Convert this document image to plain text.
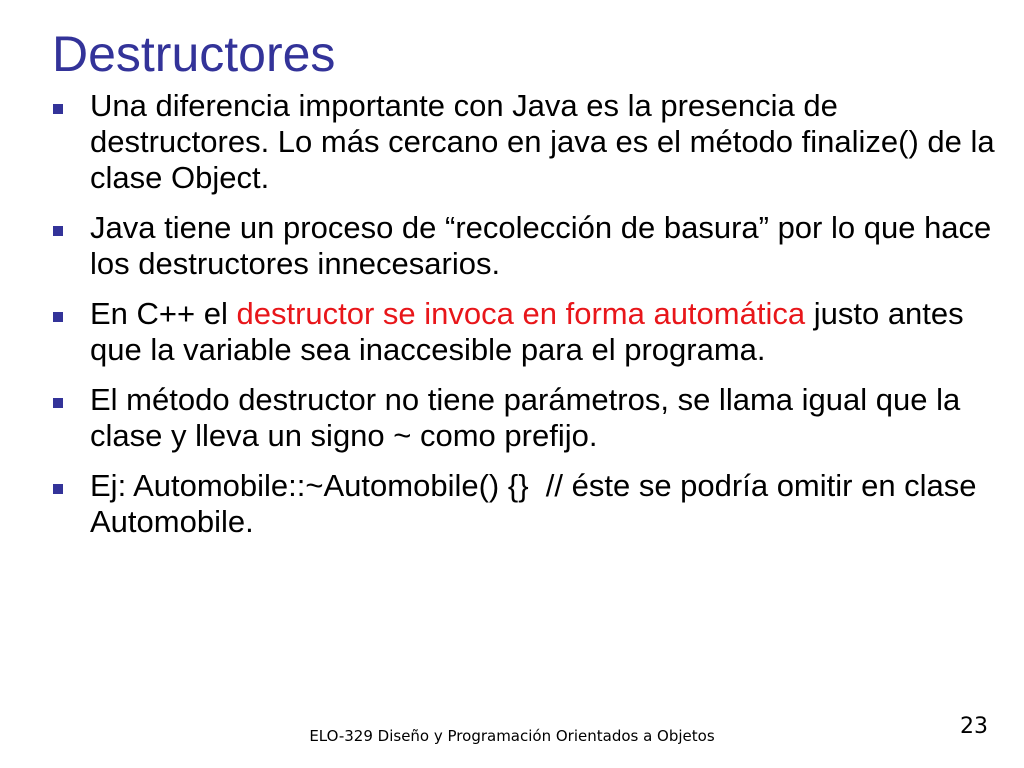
Destructores
Una diferencia importante con Java es la presencia de destructores. Lo más cercano en java es el método finalize() de la clase Object.
Java tiene un proceso de “recolección de basura” por lo que hace los destructores innecesarios.
En C++ el destructor se invoca en forma automática justo antes que la variable sea inaccesible para el programa.
El método destructor no tiene parámetros, se llama igual que la clase y lleva un signo ~ como prefijo.
Ej: Automobile::~Automobile() {}  // éste se podría omitir en clase Automobile.
ELO-329 Diseño y Programación Orientados a Objetos	23
